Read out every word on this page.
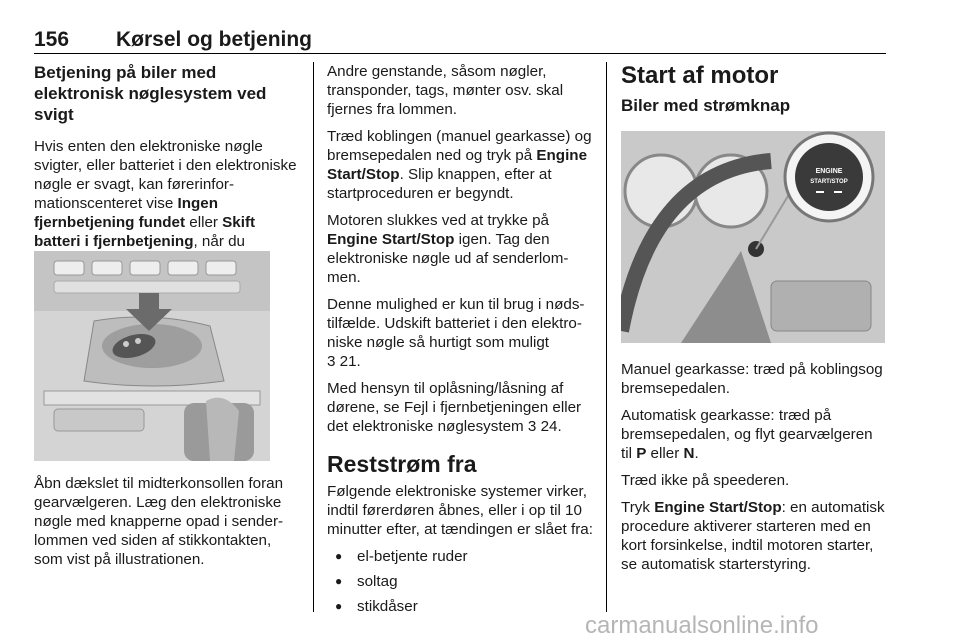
156 Kørsel og betjening
Betjening på biler med elektronisk nøglesystem ved svigt

Hvis enten den elektroniske nøgle svigter, eller batteriet i den elektroniske nøgle er svagt, kan førerinformationscenteret vise Ingen fjernbetjening fundet eller Skift batteri i fjernbetjening, når du

Åbn dækslet til midterkonsollen foran gearvælgeren. Læg den elektroniske nøgle med knapperne opad i senderlommen ved siden af stikkontakten, som vist på illustrationen.

Andre genstande, såsom nøgler, transponder, tags, mønter osv. skal fjernes fra lommen.

Træd koblingen (manuel gearkasse) og bremsepedalen ned og tryk på Engine Start/Stop. Slip knappen, efter at startproceduren er begyndt.

Motoren slukkes ved at trykke på Engine Start/Stop igen. Tag den elektroniske nøgle ud af senderlommen.

Denne mulighed er kun til brug i nødstilfælde. Udskift batteriet i den elektroniske nøgle så hurtigt som muligt
3 21.

Med hensyn til oplåsning/låsning af dørene, se Fejl i fjernbetjeningen eller det elektroniske nøglesystem 3 24.

Reststrøm fra

Følgende elektroniske systemer virker, indtil førerdøren åbnes, eller i op til 10 minutter efter, at tændingen er slået fra:

● el-betjente ruder
● soltag
● stikdåser
Start af motor
Biler med strømknap
ENGINE
START/STOP

Manuel gearkasse: træd på koblingsog bremsepedalen.

Automatisk gearkasse: træd på bremsepedalen, og flyt gearvælgeren til P eller N.

Træd ikke på speederen.

Tryk Engine Start/Stop: en automatisk procedure aktiverer starteren med en kort forsinkelse, indtil motoren starter, se automatisk starterstyring.

carmanualsonline.info
